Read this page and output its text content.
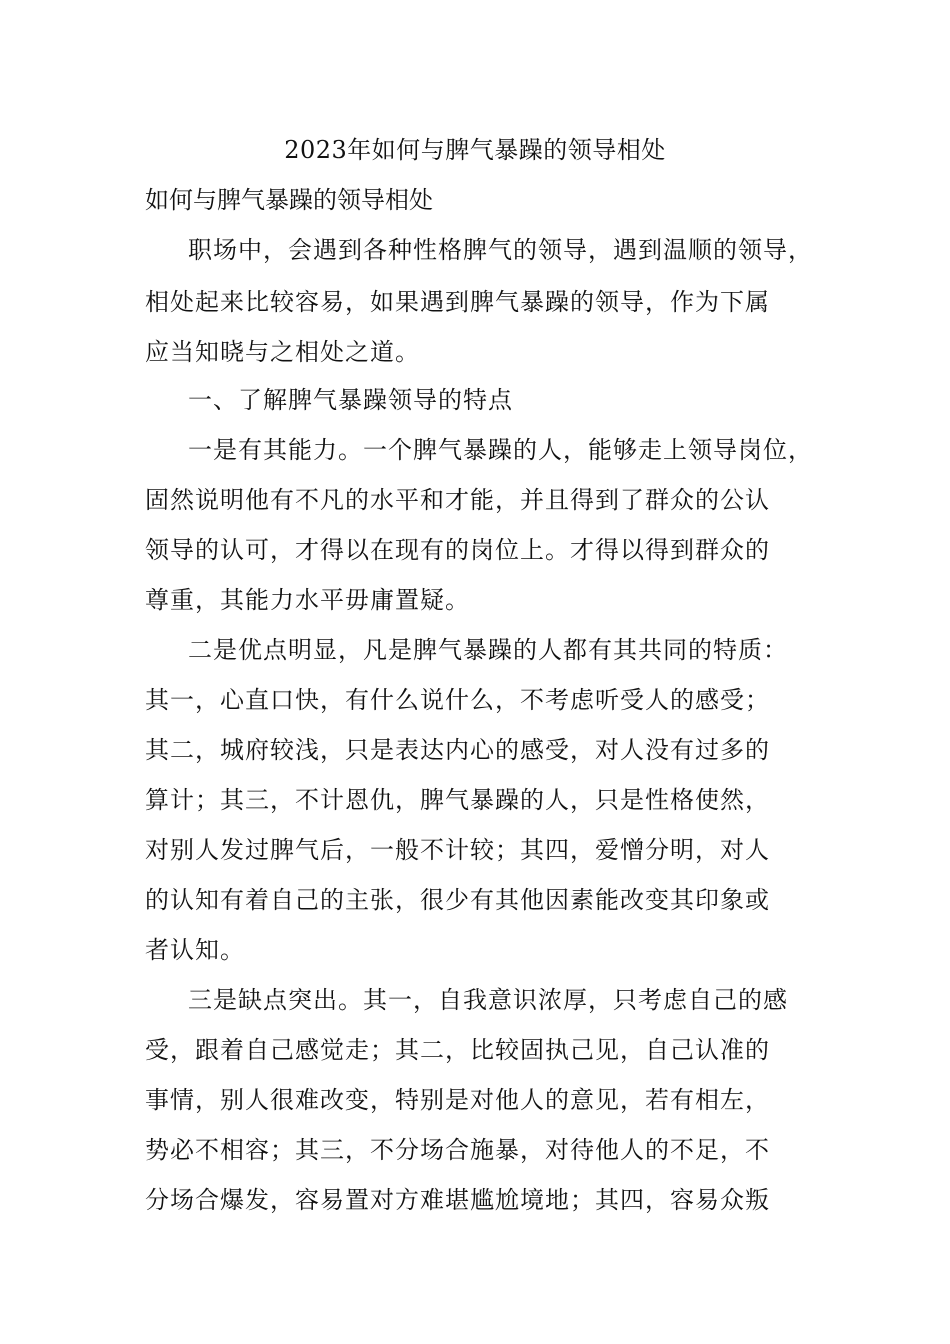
2023年如何与脾气暴躁的领导相处
如何与脾气暴躁的领导相处
职场中，会遇到各种性格脾气的领导，遇到温顺的领导，
相处起来比较容易，如果遇到脾气暴躁的领导，作为下属
应当知晓与之相处之道。
一、了解脾气暴躁领导的特点
一是有其能力。一个脾气暴躁的人，能够走上领导岗位，
固然说明他有不凡的水平和才能，并且得到了群众的公认
领导的认可，才得以在现有的岗位上。才得以得到群众的
尊重，其能力水平毋庸置疑。
二是优点明显，凡是脾气暴躁的人都有其共同的特质：
其一，心直口快，有什么说什么，不考虑听受人的感受；
其二，城府较浅，只是表达内心的感受，对人没有过多的
算计；其三，不计恩仇，脾气暴躁的人，只是性格使然，
对别人发过脾气后，一般不计较；其四，爱憎分明，对人
的认知有着自己的主张，很少有其他因素能改变其印象或
者认知。
三是缺点突出。其一，自我意识浓厚，只考虑自己的感
受，跟着自己感觉走；其二，比较固执己见，自己认准的
事情，别人很难改变，特别是对他人的意见，若有相左，
势必不相容；其三，不分场合施暴，对待他人的不足，不
分场合爆发，容易置对方难堪尴尬境地；其四，容易众叛
